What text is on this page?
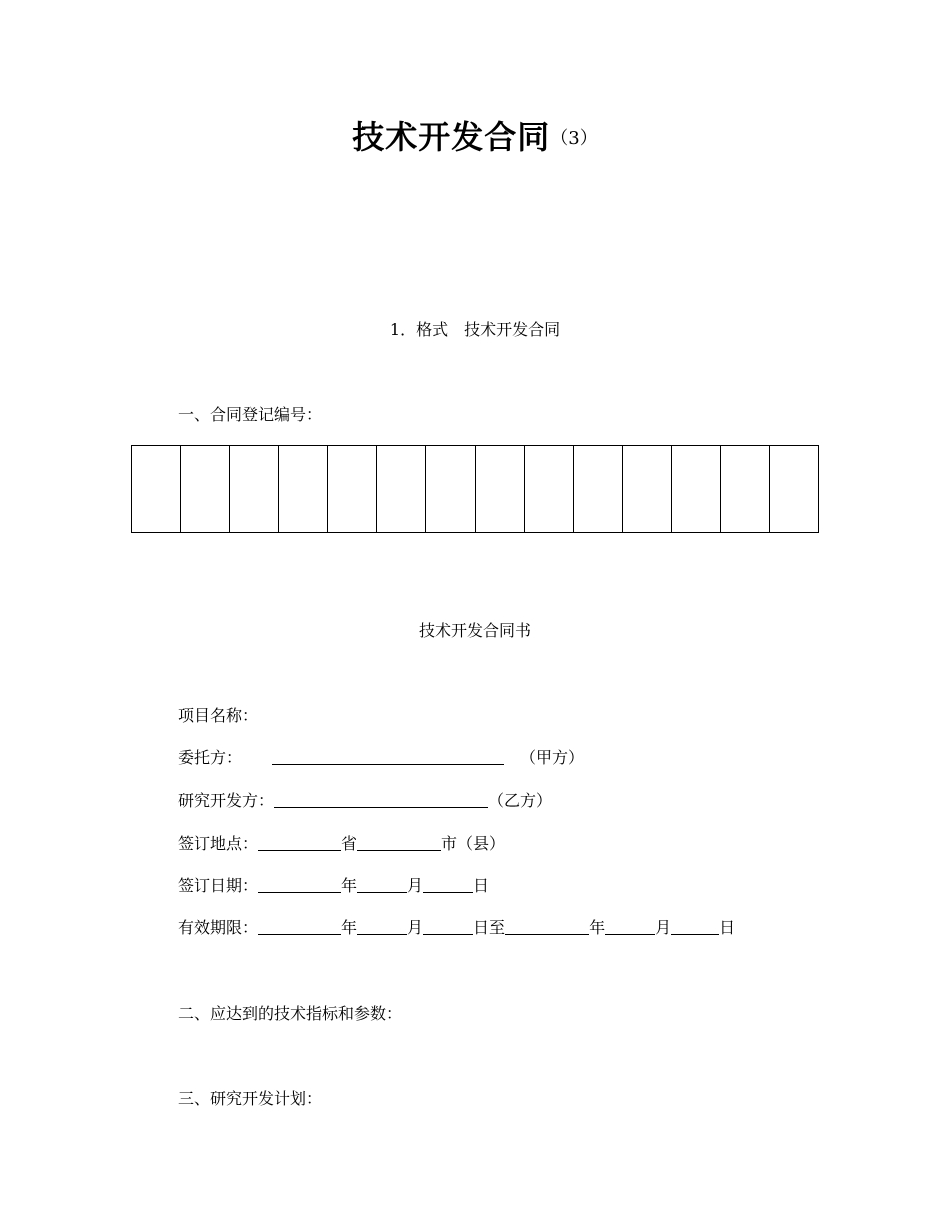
技术开发合同（3）
1．格式　技术开发合同
一、合同登记编号：
技术开发合同书
项目名称：
委托方：	（甲方）
研究开发方：	（乙方）
签订地点：	省	市（县）
签订日期：	年	月	日
有效期限：	年	月	日至	年	月	日
二、应达到的技术指标和参数：
三、研究开发计划：
